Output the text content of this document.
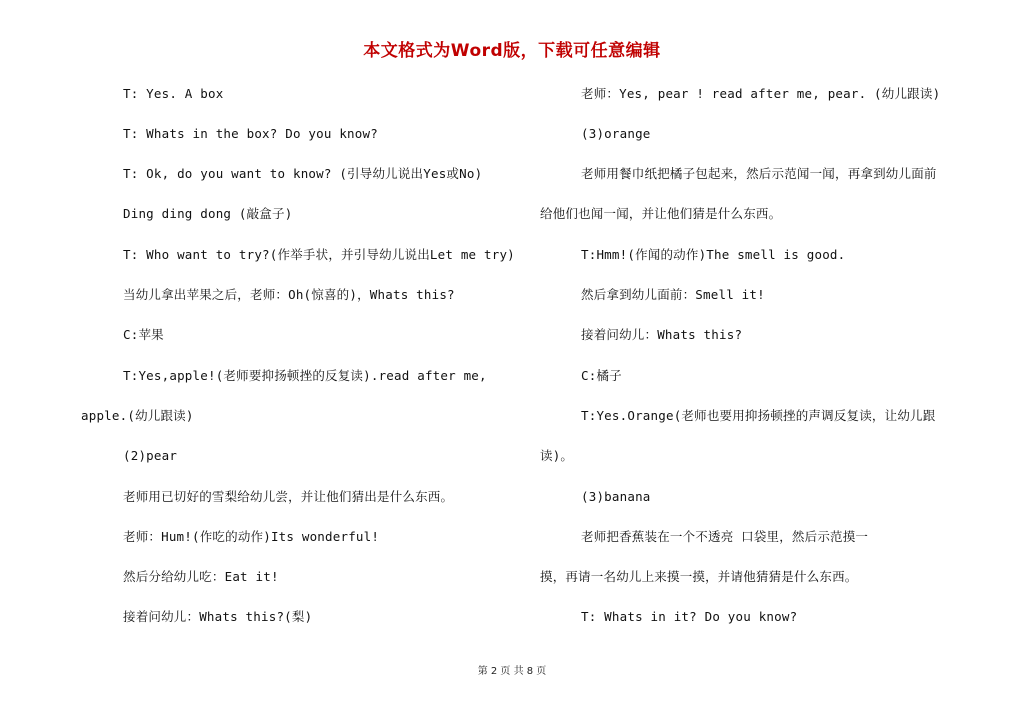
本文格式为Word版，下载可任意编辑
T: Yes. A box
T: Whats in the box? Do you know?
T: Ok, do you want to know? (引导幼儿说出Yes或No)
Ding ding dong (敲盒子)
T: Who want to try?(作举手状，并引导幼儿说出Let me try)
当幼儿拿出苹果之后，老师：Oh(惊喜的)，Whats this?
C:苹果
T:Yes,apple!(老师要抑扬顿挫的反复读).read after me,
apple.(幼儿跟读)
(2)pear
老师用已切好的雪梨给幼儿尝，并让他们猜出是什么东西。
老师：Hum!(作吃的动作)Its wonderful!
然后分给幼儿吃：Eat it!
接着问幼儿：Whats this?(梨)
老师：Yes, pear ! read after me, pear. (幼儿跟读)
(3)orange
老师用餐巾纸把橘子包起来，然后示范闻一闻，再拿到幼儿面前
给他们也闻一闻，并让他们猜是什么东西。
T:Hmm!(作闻的动作)The smell is good.
然后拿到幼儿面前：Smell it!
接着问幼儿：Whats this?
C:橘子
T:Yes.Orange(老师也要用抑扬顿挫的声调反复读，让幼儿跟
读)。
(3)banana
老师把香蕉装在一个不透亮 口袋里，然后示范摸一
摸，再请一名幼儿上来摸一摸，并请他猜猜是什么东西。
T: Whats in it? Do you know?
第 2 页 共 8 页
